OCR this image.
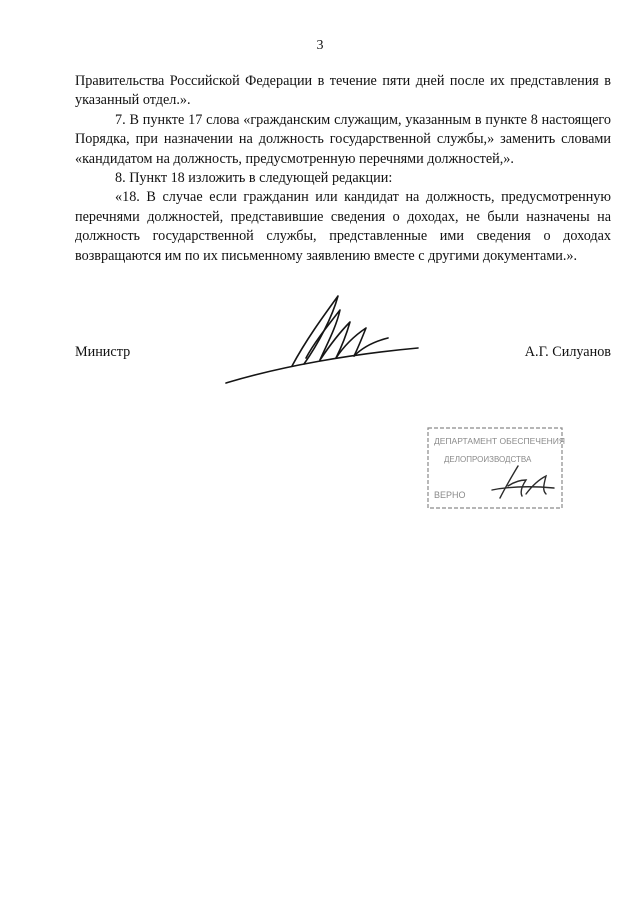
3

Правительства Российской Федерации в течение пяти дней после их представления в указанный отдел.».

7. В пункте 17 слова «гражданским служащим, указанным в пункте 8 настоящего Порядка, при назначении на должность государственной службы,» заменить словами «кандидатом на должность, предусмотренную перечнями должностей,».

8. Пункт 18 изложить в следующей редакции:

«18. В случае если гражданин или кандидат на должность, предусмотренную перечнями должностей, представившие сведения о доходах, не были назначены на должность государственной службы, представленные ими сведения о доходах возвращаются им по их письменному заявлению вместе с другими документами.».

Министр	А.Г. Силуанов
ДЕПАРТАМЕНТ ОБЕСПЕЧЕНИЯ
ДЕЛОПРОИЗВОДСТВА
ВЕРНО
